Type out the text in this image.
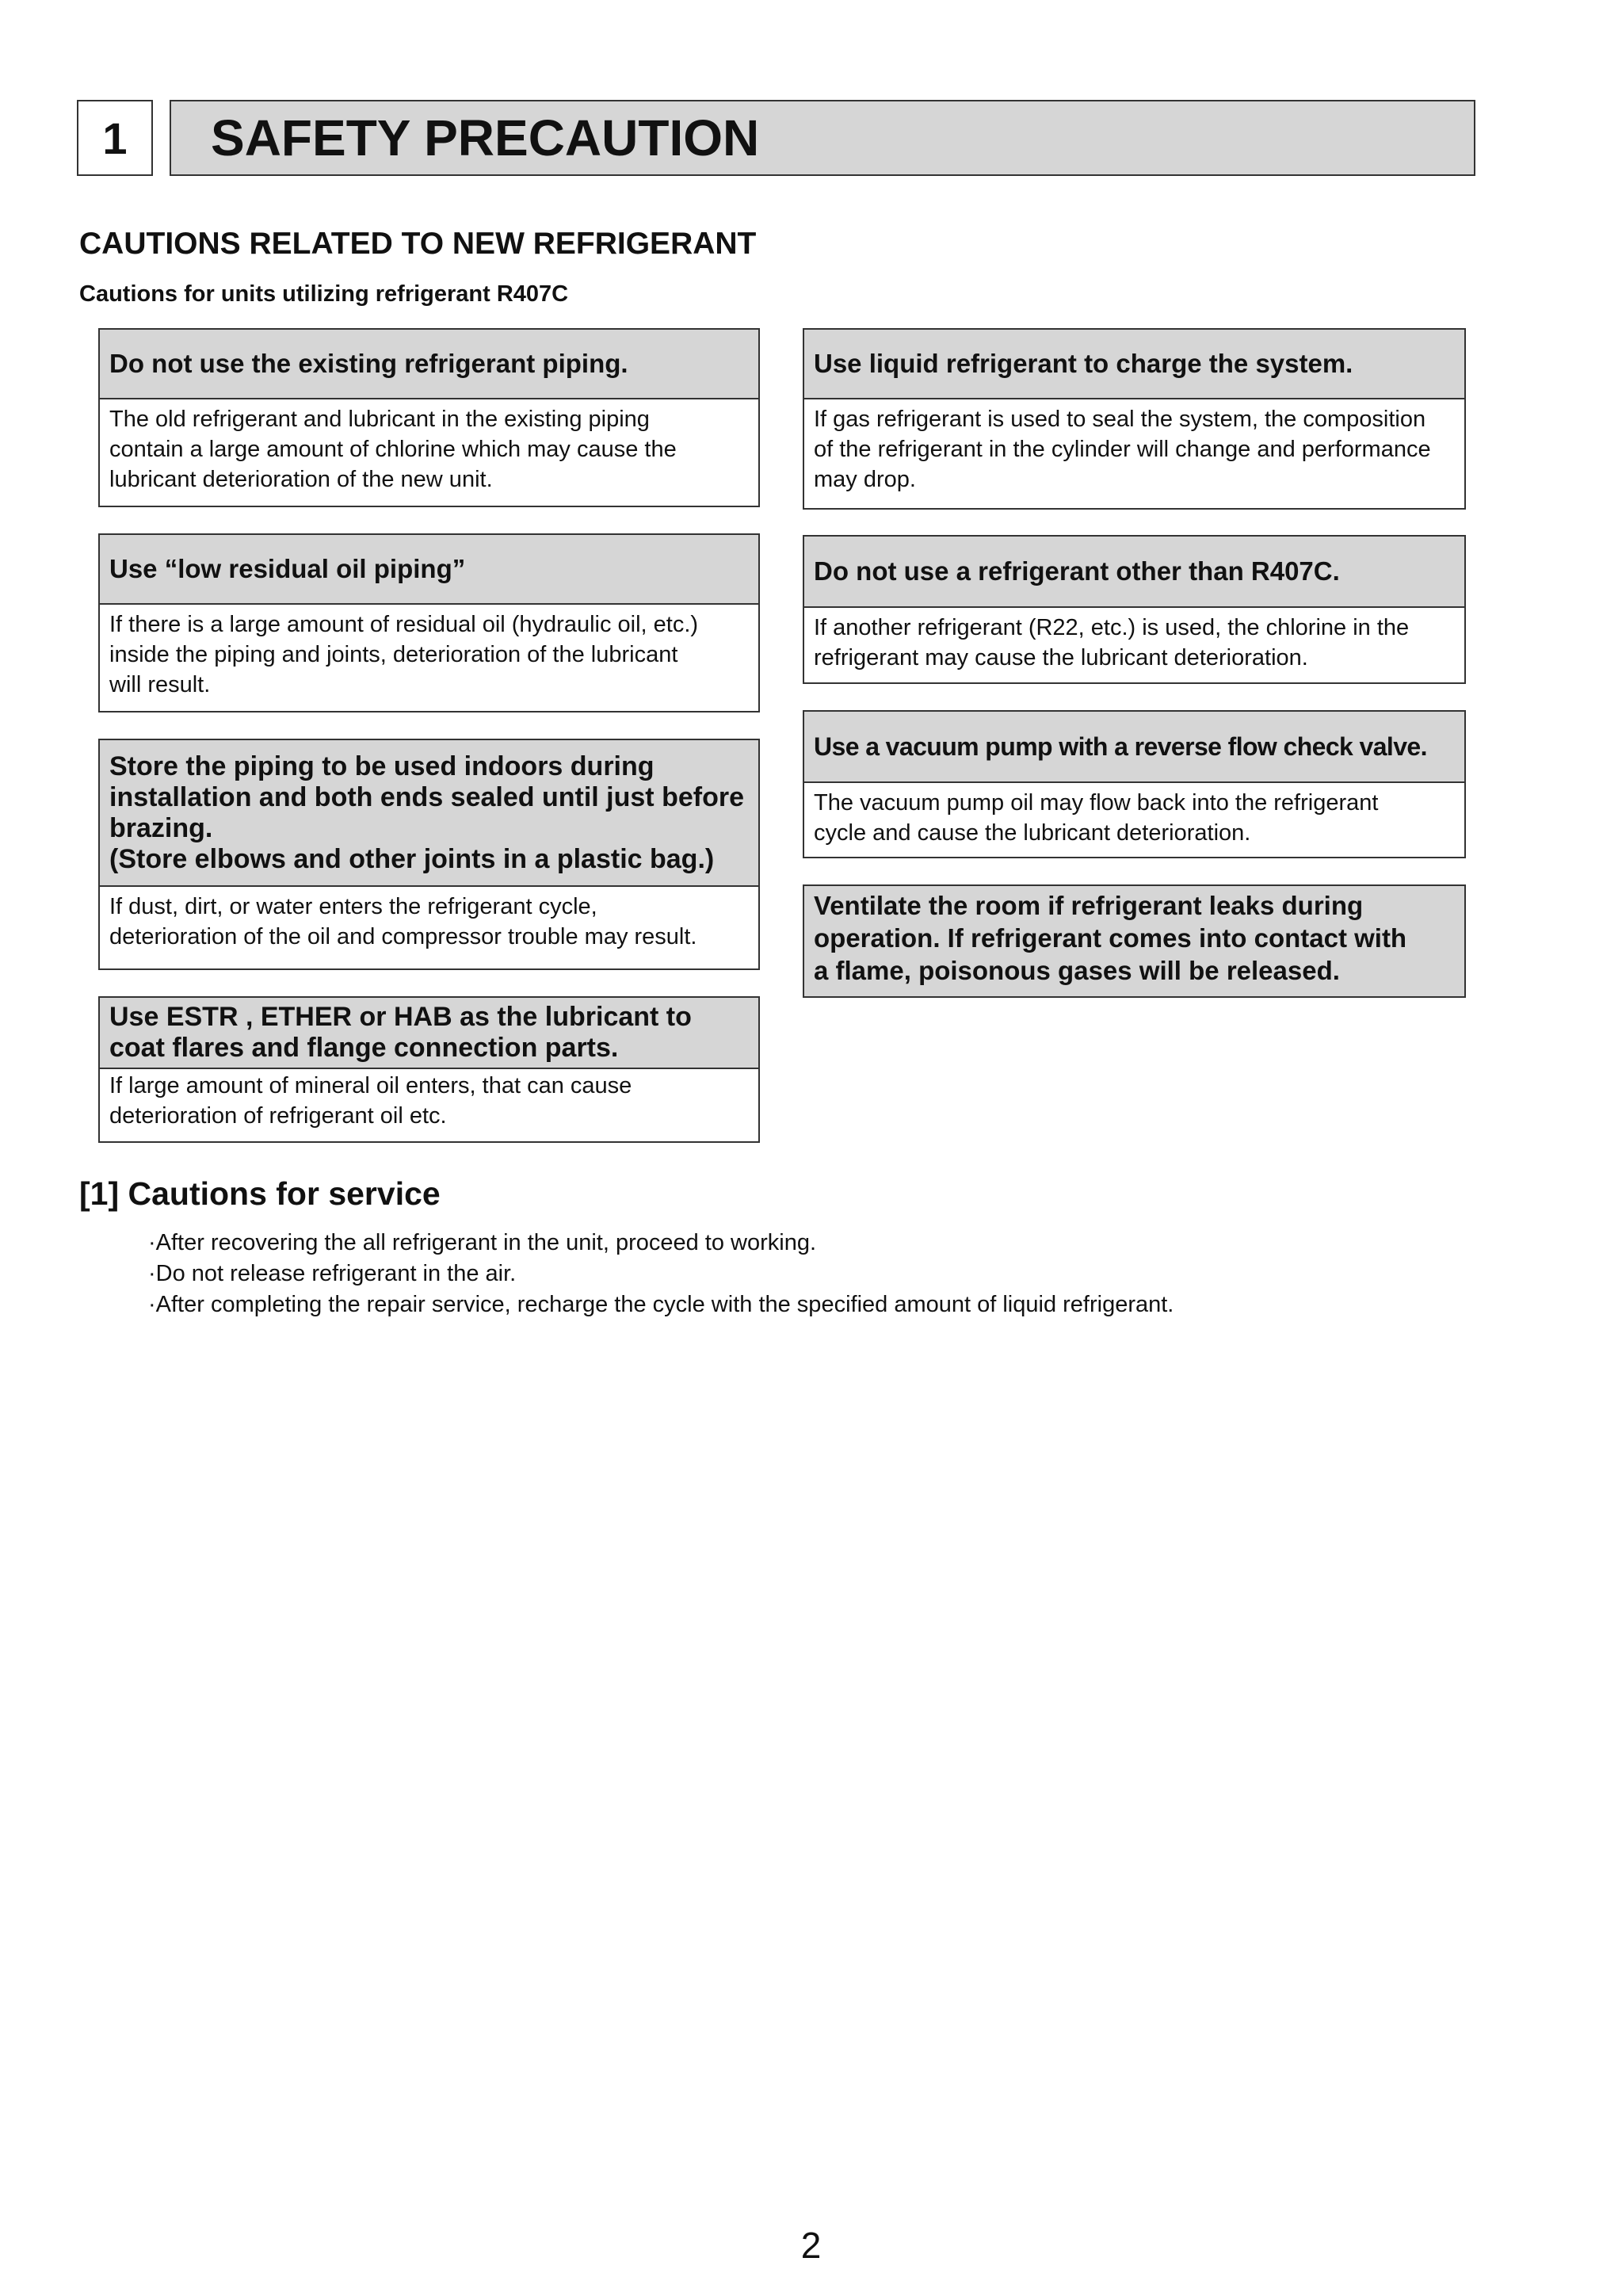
1	SAFETY PRECAUTION
CAUTIONS RELATED TO NEW REFRIGERANT
Cautions for units utilizing refrigerant R407C
Do not use the existing refrigerant piping.
The old refrigerant and lubricant in the existing piping
contain a large amount of chlorine which may cause the
lubricant deterioration of the new unit.
Use “low residual oil piping”
If there is a large amount of residual oil (hydraulic oil, etc.)
inside the piping and joints, deterioration of the lubricant
will result.
Store the piping to be used indoors during
installation and both ends sealed until just before
brazing.
(Store elbows and other joints in a plastic bag.)
If dust, dirt, or water enters the refrigerant cycle,
deterioration of the oil and compressor trouble may result.
Use ESTR , ETHER or HAB as the lubricant to
coat flares and flange connection parts.
If large amount of mineral oil enters, that can cause
deterioration of refrigerant oil etc.
Use liquid refrigerant to charge the system.
If gas refrigerant is used to seal the system, the composition
of the refrigerant in the cylinder will change and performance
may drop.
Do not use a refrigerant other than R407C.
If another refrigerant (R22, etc.) is used, the chlorine in the
refrigerant may cause the lubricant deterioration.
Use a vacuum pump with a reverse flow check valve.
The vacuum pump oil may flow back into the refrigerant
cycle and cause the lubricant deterioration.
Ventilate the room if refrigerant leaks during
operation. If refrigerant comes into contact with
a flame, poisonous gases will be released.
[1] Cautions for service
·After recovering the all refrigerant in the unit, proceed to working.
·Do not release refrigerant in the air.
·After completing the repair service, recharge the cycle with the specified amount of liquid refrigerant.
2
